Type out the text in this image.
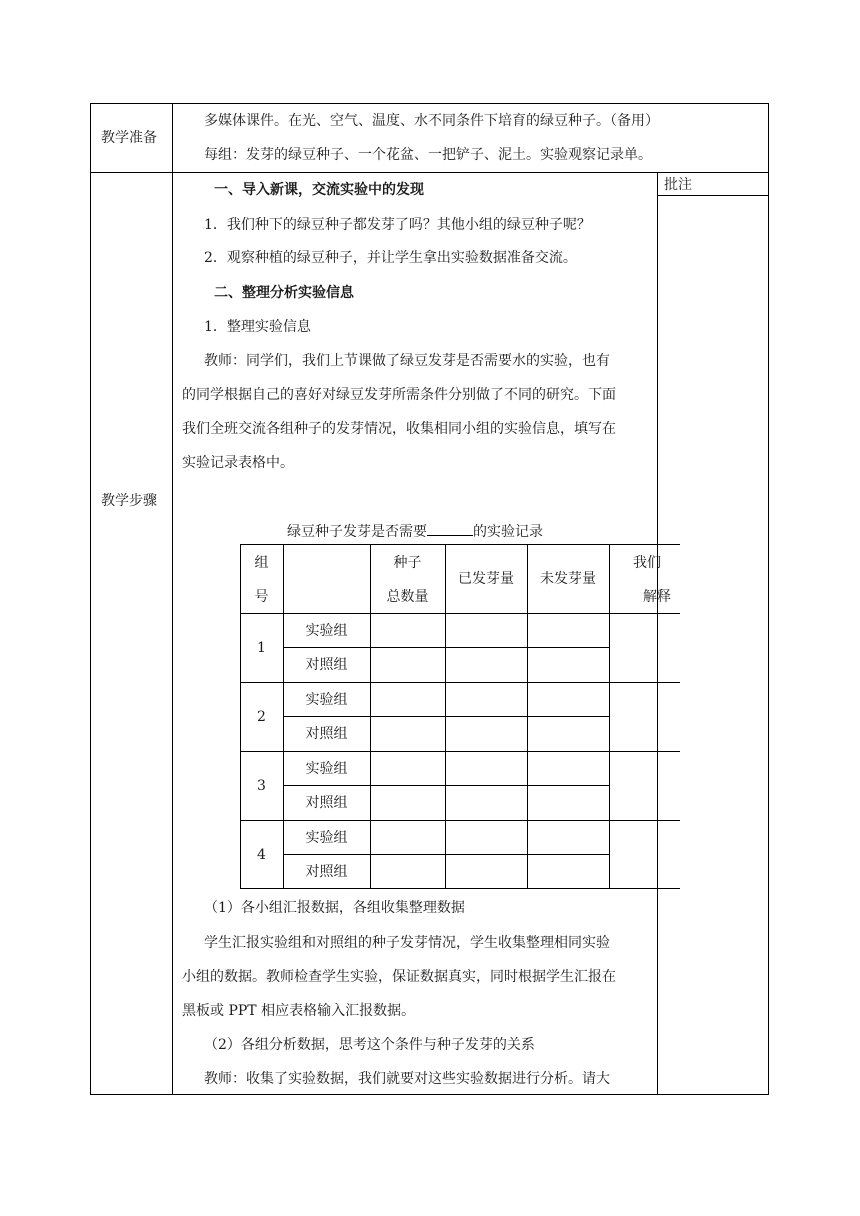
教学准备
多媒体课件。在光、空气、温度、水不同条件下培育的绿豆种子。（备用）
每组：发芽的绿豆种子、一个花盆、一把铲子、泥土。实验观察记录单。
教学步骤
批注
一、导入新课，交流实验中的发现
1．我们种下的绿豆种子都发芽了吗？其他小组的绿豆种子呢？
2．观察种植的绿豆种子，并让学生拿出实验数据准备交流。
二、整理分析实验信息
1．整理实验信息
教师：同学们，我们上节课做了绿豆发芽是否需要水的实验，也有
的同学根据自己的喜好对绿豆发芽所需条件分别做了不同的研究。下面
我们全班交流各组种子的发芽情况，收集相同小组的实验信息，填写在
实验记录表格中。
绿豆种子发芽是否需要	的实验记录
组
号
种子
总数量
已发芽量	未发芽量
我们
解释
1
实验组
对照组
2
实验组
对照组
3
实验组
对照组
4
实验组
对照组
（1）各小组汇报数据，各组收集整理数据
学生汇报实验组和对照组的种子发芽情况，学生收集整理相同实验
小组的数据。教师检查学生实验，保证数据真实，同时根据学生汇报在
黑板或 PPT 相应表格输入汇报数据。
（2）各组分析数据，思考这个条件与种子发芽的关系
教师：收集了实验数据，我们就要对这些实验数据进行分析。请大
